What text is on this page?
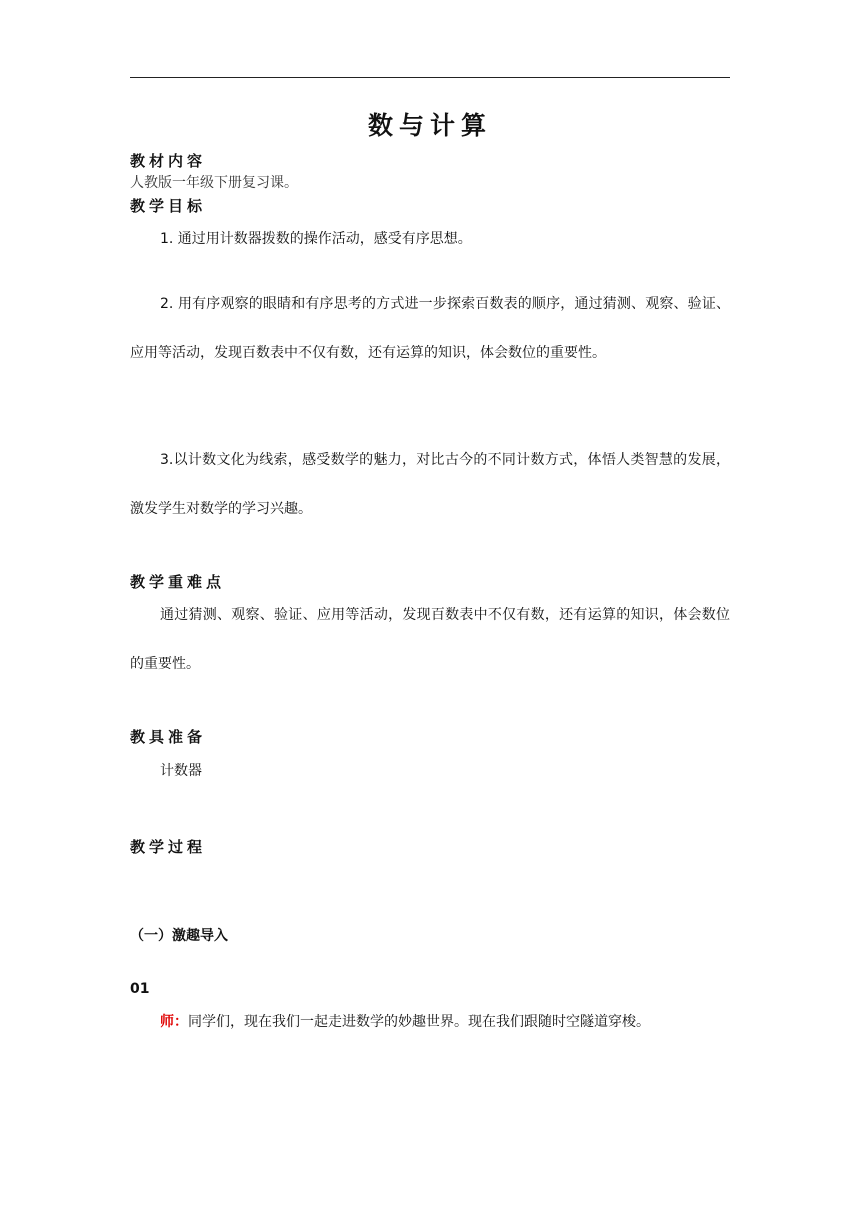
数与计算
教材内容
人教版一年级下册复习课。
教学目标

1. 通过用计数器拨数的操作活动，感受有序思想。

2. 用有序观察的眼睛和有序思考的方式进一步探索百数表的顺序，通过猜测、观察、验证、应用等活动，发现百数表中不仅有数，还有运算的知识，体会数位的重要性。

3.以计数文化为线索，感受数学的魅力，对比古今的不同计数方式，体悟人类智慧的发展，激发学生对数学的学习兴趣。

教学重难点

通过猜测、观察、验证、应用等活动，发现百数表中不仅有数，还有运算的知识，体会数位的重要性。

教具准备

计数器

教学过程
（一）激趣导入
01

师：同学们，现在我们一起走进数学的妙趣世界。现在我们跟随时空隧道穿梭。
